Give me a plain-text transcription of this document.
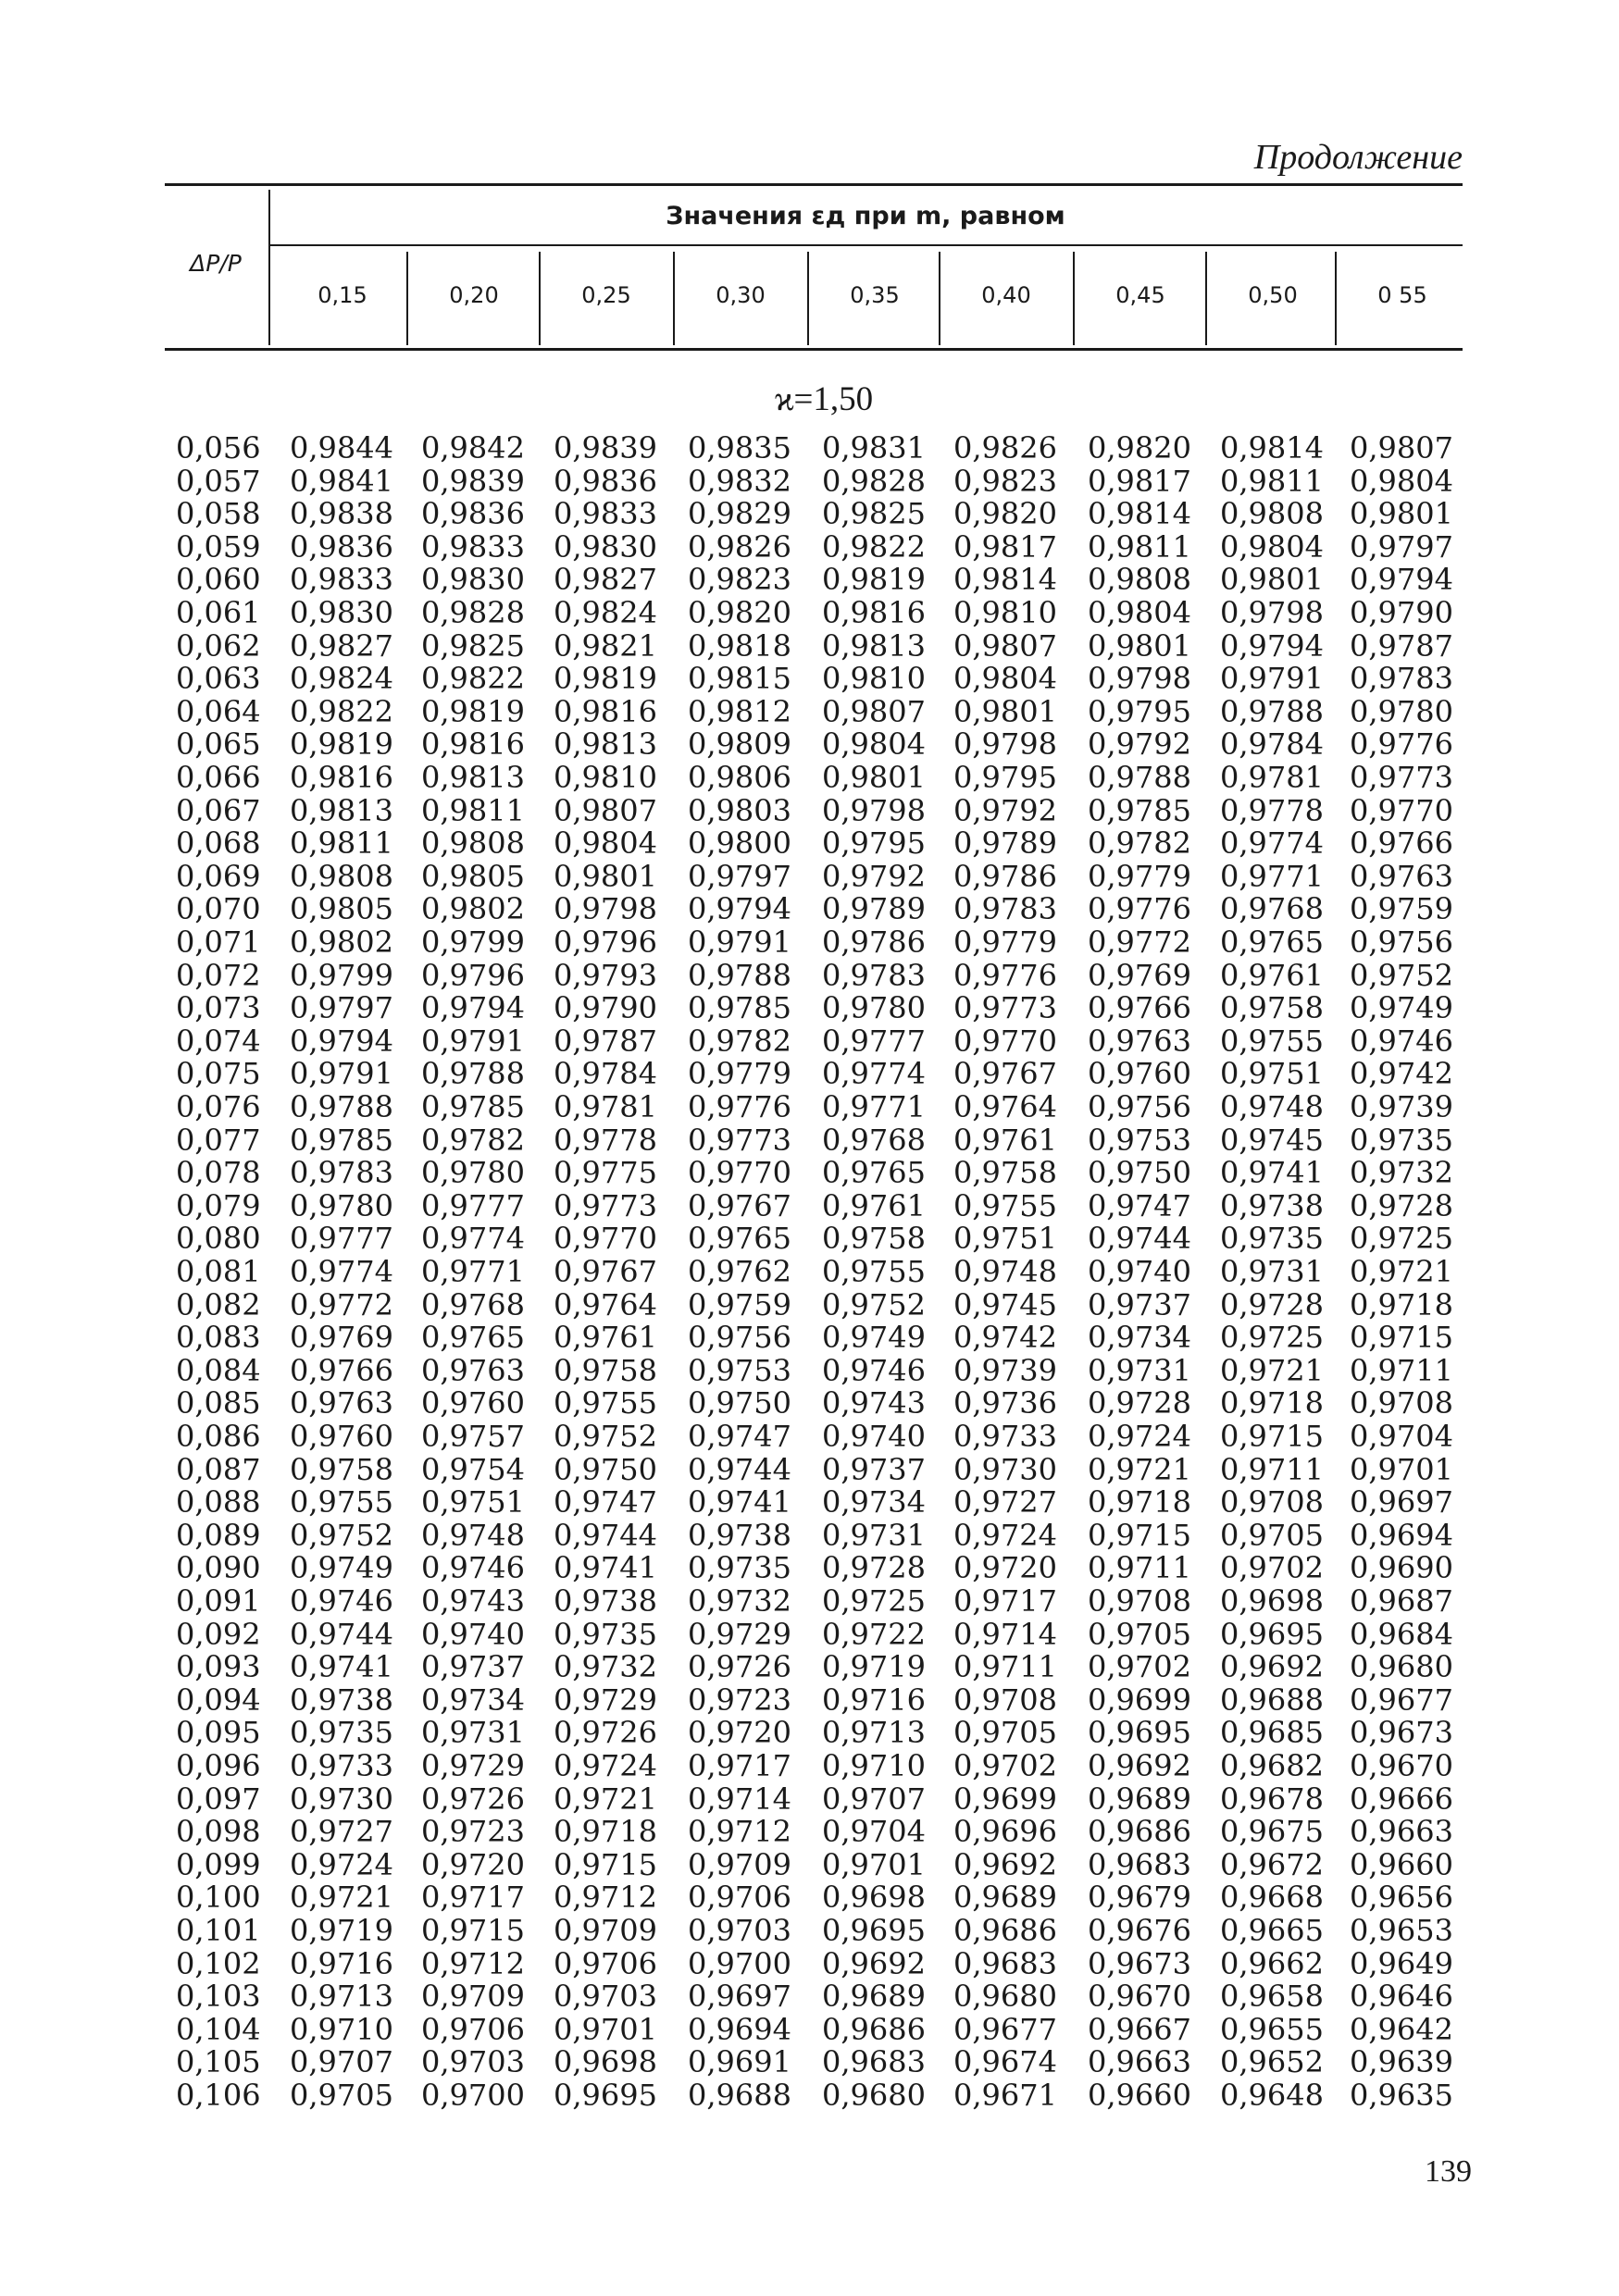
Продолжение
Значения εд при m, равном
ΔP/P
0,15	0,20	0,25	0,30	0,35	0,40	0,45	0,50	0 55
ϰ=1,50
0,056 0,9844 0,9842 0,9839 0,9835 0,9831 0,9826 0,9820 0,9814 0,9807
0,057 0,9841 0,9839 0,9836 0,9832 0,9828 0,9823 0,9817 0,9811 0,9804
0,058 0,9838 0,9836 0,9833 0,9829 0,9825 0,9820 0,9814 0,9808 0,9801
0,059 0,9836 0,9833 0,9830 0,9826 0,9822 0,9817 0,9811 0,9804 0,9797
0,060 0,9833 0,9830 0,9827 0,9823 0,9819 0,9814 0,9808 0,9801 0,9794
0,061 0,9830 0,9828 0,9824 0,9820 0,9816 0,9810 0,9804 0,9798 0,9790
0,062 0,9827 0,9825 0,9821 0,9818 0,9813 0,9807 0,9801 0,9794 0,9787
0,063 0,9824 0,9822 0,9819 0,9815 0,9810 0,9804 0,9798 0,9791 0,9783
0,064 0,9822 0,9819 0,9816 0,9812 0,9807 0,9801 0,9795 0,9788 0,9780
0,065 0,9819 0,9816 0,9813 0,9809 0,9804 0,9798 0,9792 0,9784 0,9776
0,066 0,9816 0,9813 0,9810 0,9806 0,9801 0,9795 0,9788 0,9781 0,9773
0,067 0,9813 0,9811 0,9807 0,9803 0,9798 0,9792 0,9785 0,9778 0,9770
0,068 0,9811 0,9808 0,9804 0,9800 0,9795 0,9789 0,9782 0,9774 0,9766
0,069 0,9808 0,9805 0,9801 0,9797 0,9792 0,9786 0,9779 0,9771 0,9763
0,070 0,9805 0,9802 0,9798 0,9794 0,9789 0,9783 0,9776 0,9768 0,9759
0,071 0,9802 0,9799 0,9796 0,9791 0,9786 0,9779 0,9772 0,9765 0,9756
0,072 0,9799 0,9796 0,9793 0,9788 0,9783 0,9776 0,9769 0,9761 0,9752
0,073 0,9797 0,9794 0,9790 0,9785 0,9780 0,9773 0,9766 0,9758 0,9749
0,074 0,9794 0,9791 0,9787 0,9782 0,9777 0,9770 0,9763 0,9755 0,9746
0,075 0,9791 0,9788 0,9784 0,9779 0,9774 0,9767 0,9760 0,9751 0,9742
0,076 0,9788 0,9785 0,9781 0,9776 0,9771 0,9764 0,9756 0,9748 0,9739
0,077 0,9785 0,9782 0,9778 0,9773 0,9768 0,9761 0,9753 0,9745 0,9735
0,078 0,9783 0,9780 0,9775 0,9770 0,9765 0,9758 0,9750 0,9741 0,9732
0,079 0,9780 0,9777 0,9773 0,9767 0,9761 0,9755 0,9747 0,9738 0,9728
0,080 0,9777 0,9774 0,9770 0,9765 0,9758 0,9751 0,9744 0,9735 0,9725
0,081 0,9774 0,9771 0,9767 0,9762 0,9755 0,9748 0,9740 0,9731 0,9721
0,082 0,9772 0,9768 0,9764 0,9759 0,9752 0,9745 0,9737 0,9728 0,9718
0,083 0,9769 0,9765 0,9761 0,9756 0,9749 0,9742 0,9734 0,9725 0,9715
0,084 0,9766 0,9763 0,9758 0,9753 0,9746 0,9739 0,9731 0,9721 0,9711
0,085 0,9763 0,9760 0,9755 0,9750 0,9743 0,9736 0,9728 0,9718 0,9708
0,086 0,9760 0,9757 0,9752 0,9747 0,9740 0,9733 0,9724 0,9715 0,9704
0,087 0,9758 0,9754 0,9750 0,9744 0,9737 0,9730 0,9721 0,9711 0,9701
0,088 0,9755 0,9751 0,9747 0,9741 0,9734 0,9727 0,9718 0,9708 0,9697
0,089 0,9752 0,9748 0,9744 0,9738 0,9731 0,9724 0,9715 0,9705 0,9694
0,090 0,9749 0,9746 0,9741 0,9735 0,9728 0,9720 0,9711 0,9702 0,9690
0,091 0,9746 0,9743 0,9738 0,9732 0,9725 0,9717 0,9708 0,9698 0,9687
0,092 0,9744 0,9740 0,9735 0,9729 0,9722 0,9714 0,9705 0,9695 0,9684
0,093 0,9741 0,9737 0,9732 0,9726 0,9719 0,9711 0,9702 0,9692 0,9680
0,094 0,9738 0,9734 0,9729 0,9723 0,9716 0,9708 0,9699 0,9688 0,9677
0,095 0,9735 0,9731 0,9726 0,9720 0,9713 0,9705 0,9695 0,9685 0,9673
0,096 0,9733 0,9729 0,9724 0,9717 0,9710 0,9702 0,9692 0,9682 0,9670
0,097 0,9730 0,9726 0,9721 0,9714 0,9707 0,9699 0,9689 0,9678 0,9666
0,098 0,9727 0,9723 0,9718 0,9712 0,9704 0,9696 0,9686 0,9675 0,9663
0,099 0,9724 0,9720 0,9715 0,9709 0,9701 0,9692 0,9683 0,9672 0,9660
0,100 0,9721 0,9717 0,9712 0,9706 0,9698 0,9689 0,9679 0,9668 0,9656
0,101 0,9719 0,9715 0,9709 0,9703 0,9695 0,9686 0,9676 0,9665 0,9653
0,102 0,9716 0,9712 0,9706 0,9700 0,9692 0,9683 0,9673 0,9662 0,9649
0,103 0,9713 0,9709 0,9703 0,9697 0,9689 0,9680 0,9670 0,9658 0,9646
0,104 0,9710 0,9706 0,9701 0,9694 0,9686 0,9677 0,9667 0,9655 0,9642
0,105 0,9707 0,9703 0,9698 0,9691 0,9683 0,9674 0,9663 0,9652 0,9639
0,106 0,9705 0,9700 0,9695 0,9688 0,9680 0,9671 0,9660 0,9648 0,9635
139
